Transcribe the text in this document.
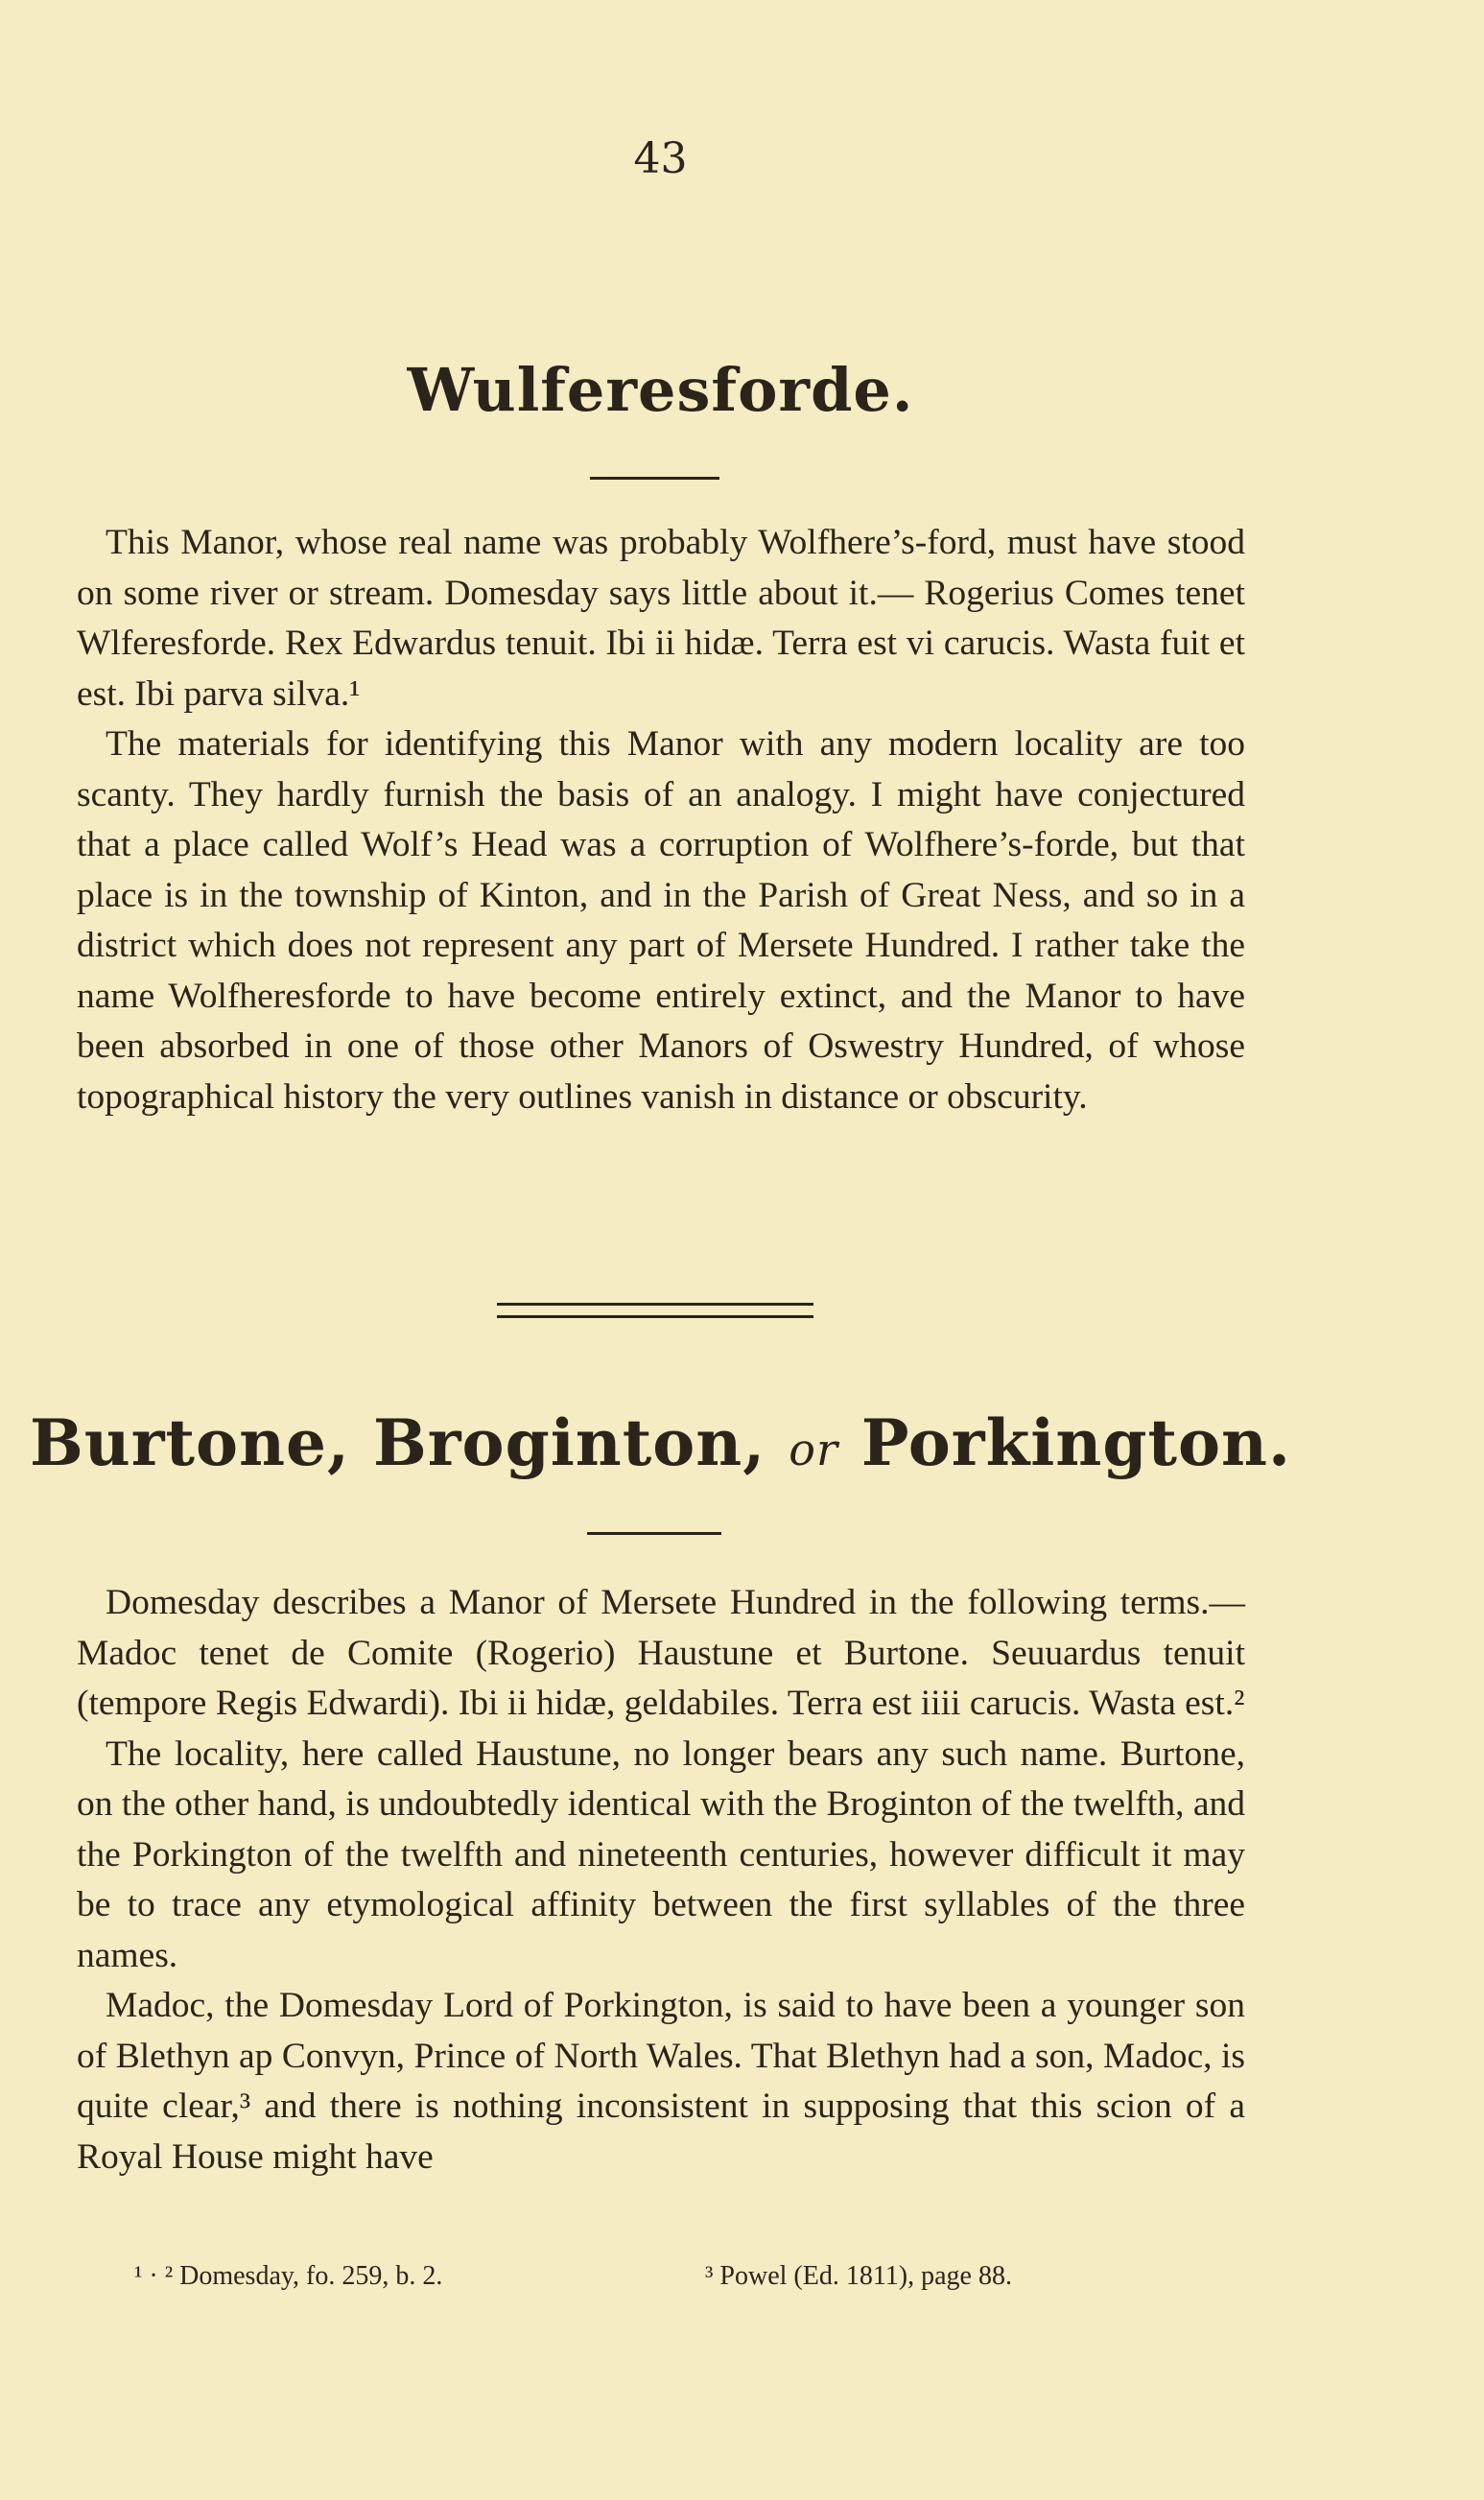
43
Wulferesforde.

This Manor, whose real name was probably Wolfhere’s-ford, must have stood on some river or stream. Domesday says little about it.— Rogerius Comes tenet Wlferesforde. Rex Edwardus tenuit. Ibi ii hidæ. Terra est vi carucis. Wasta fuit et est. Ibi parva silva.¹

The materials for identifying this Manor with any modern locality are too scanty. They hardly furnish the basis of an analogy. I might have conjectured that a place called Wolf’s Head was a corruption of Wolfhere’s-forde, but that place is in the township of Kinton, and in the Parish of Great Ness, and so in a district which does not represent any part of Mersete Hundred. I rather take the name Wolfheresforde to have become entirely extinct, and the Manor to have been absorbed in one of those other Manors of Oswestry Hundred, of whose topographical history the very outlines vanish in distance or obscurity.

Burtone, Broginton, or Porkington.

Domesday describes a Manor of Mersete Hundred in the following terms.—Madoc tenet de Comite (Rogerio) Haustune et Burtone. Seuuardus tenuit (tempore Regis Edwardi). Ibi ii hidæ, geldabiles. Terra est iiii carucis. Wasta est.²

The locality, here called Haustune, no longer bears any such name. Burtone, on the other hand, is undoubtedly identical with the Broginton of the twelfth, and the Porkington of the twelfth and nineteenth centuries, however difficult it may be to trace any etymological affinity between the first syllables of the three names.

Madoc, the Domesday Lord of Porkington, is said to have been a younger son of Blethyn ap Convyn, Prince of North Wales. That Blethyn had a son, Madoc, is quite clear,³ and there is nothing inconsistent in supposing that this scion of a Royal House might have

¹ · ² Domesday, fo. 259, b. 2.	³ Powel (Ed. 1811), page 88.
